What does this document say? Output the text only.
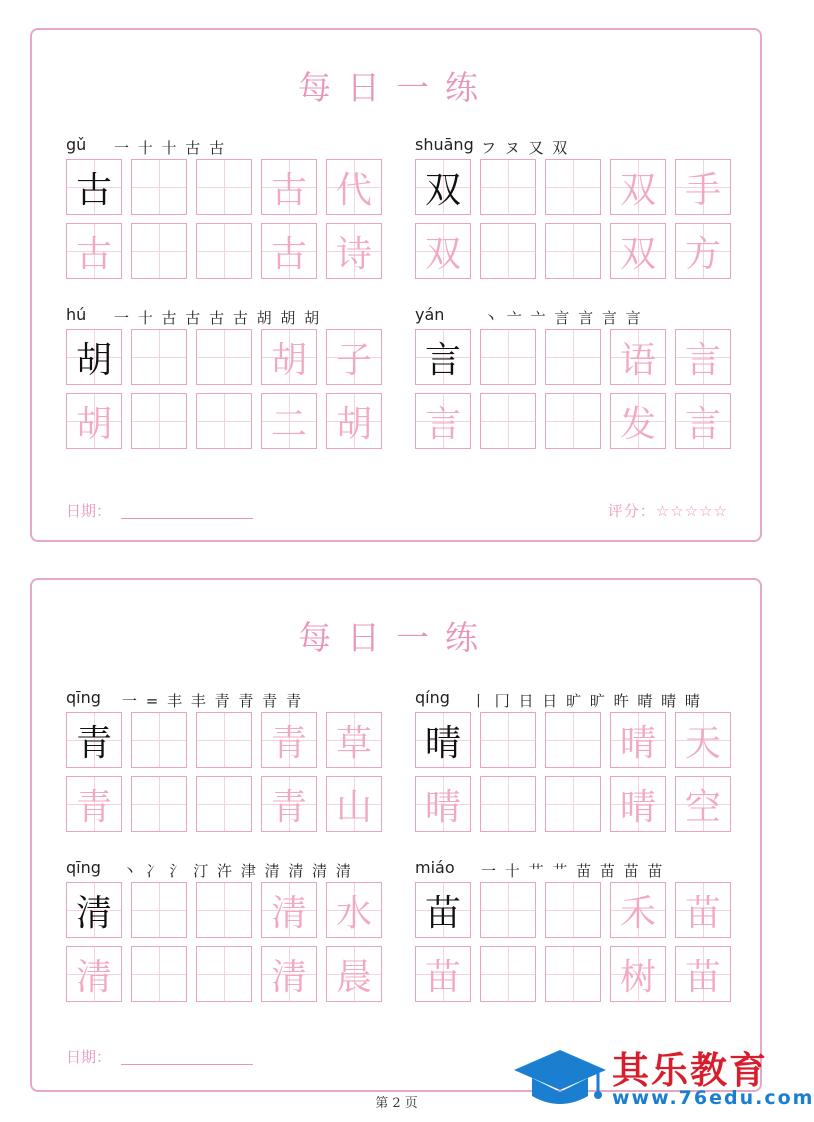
每日一练
gǔ 一 十 十 古 古
古	古 代
古	古 诗
shuāng フ ヌ 又 双
双	双 手
双	双 方
hú 一 十 古 古 古 古 胡 胡 胡
胡	胡 子
胡	二 胡
yán	丶 亠 亠 言 言 言 言
言	语 言
言	发 言
日期：	评分：☆☆☆☆☆
每日一练
qīng 一 = 丰 丰 青 青 青 青
青	青 草
青	青 山
qíng 丨 冂 日 日 旷 旷 旿 晴 晴 晴
晴	晴 天
晴	晴 空
qīng 丶 冫 氵 汀 汻 津 清 清 清 清
清	清 水
清	清 晨
miáo 一 十 艹 艹 苗 苗 苗 苗
苗	禾 苗
苗	树 苗
日期：
第 2 页
其乐教育
www.76edu.com
